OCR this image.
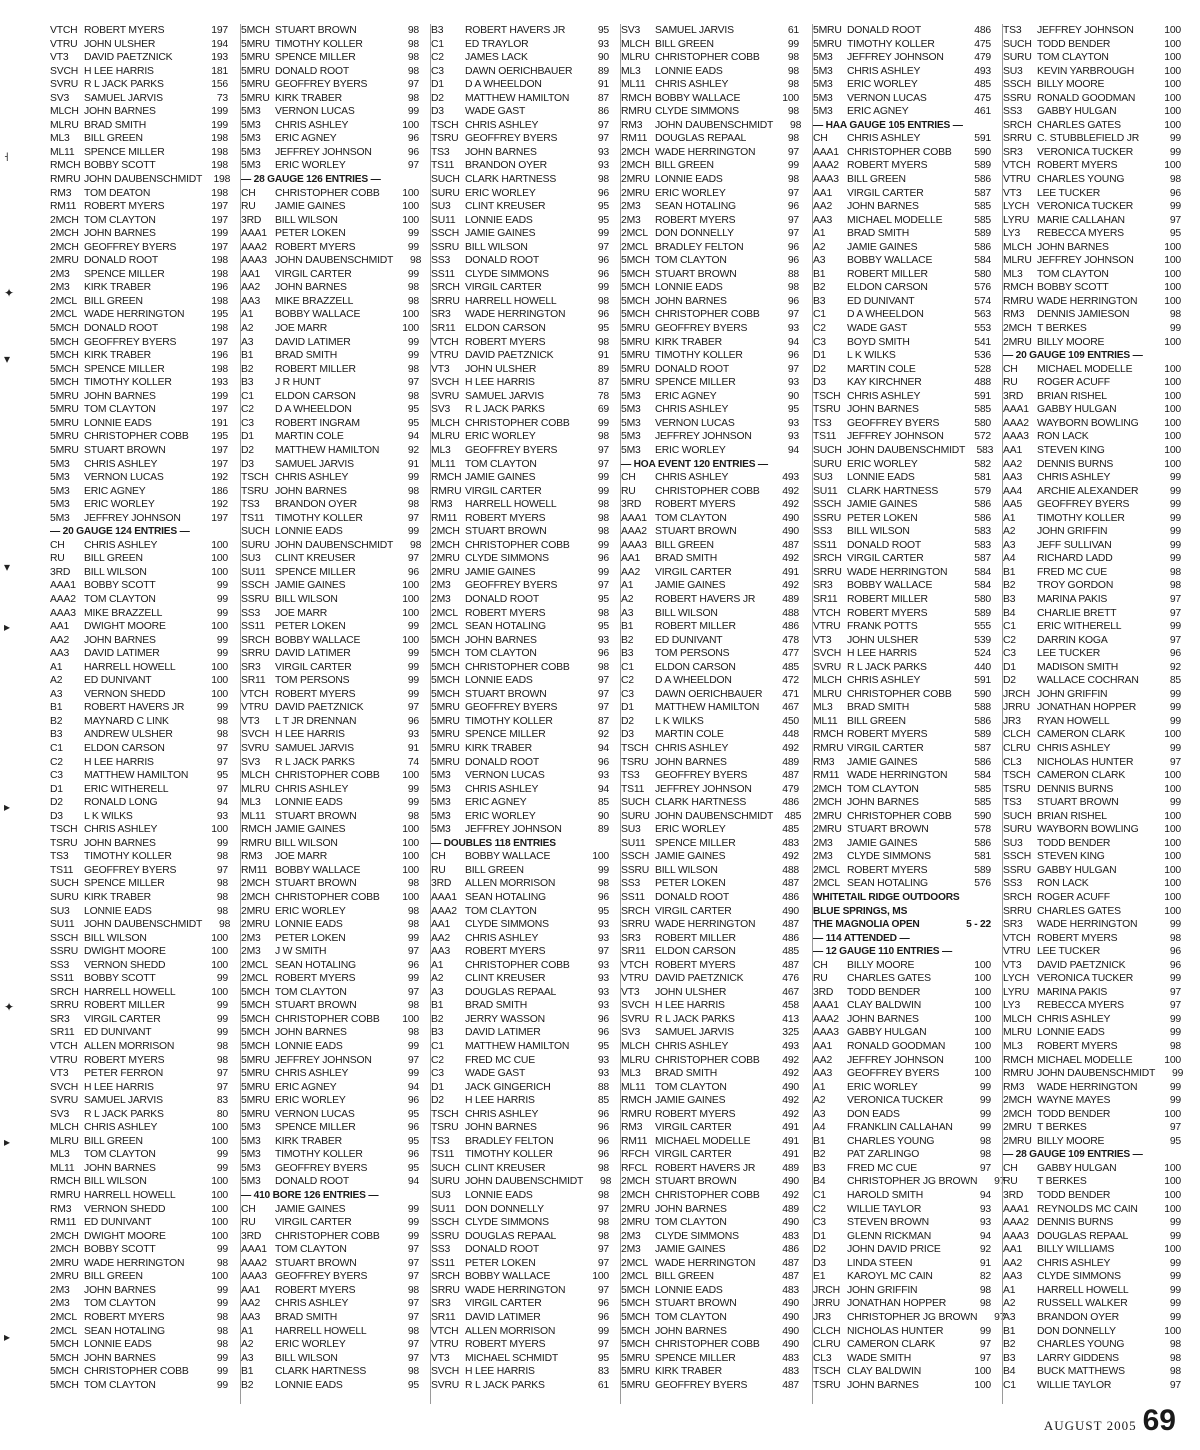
˧
✦
▾
▾
▸
▸
✦
▸
▸
VTCH ROBERT MYERS	197
VTRU JOHN ULSHER	194
VT3	DAVID PAETZNICK	193
SVCH H LEE HARRIS	181
SVRU R L JACK PARKS	156
SV3	SAMUEL JARVIS	73
MLCH JOHN BARNES	199
MLRU BRAD SMITH	199
ML3	BILL GREEN	198
ML11 SPENCE MILLER	198
RMCH BOBBY SCOTT	198
RMRU JOHN DAUBENSCHMIDT	198
RM3	TOM DEATON	198
RM11 ROBERT MYERS	197
2MCH TOM CLAYTON	197
2MCH JOHN BARNES	199
2MCH GEOFFREY BYERS	197
2MRU DONALD ROOT	198
2M3	SPENCE MILLER	198
2M3	KIRK TRABER	196
2MCL BILL GREEN	198
2MCL WADE HERRINGTON	195
5MCH DONALD ROOT	198
5MCH GEOFFREY BYERS	197
5MCH KIRK TRABER	196
5MCH SPENCE MILLER	198
5MCH TIMOTHY KOLLER	193
5MRU JOHN BARNES	199
5MRU TOM CLAYTON	197
5MRU LONNIE EADS	191
5MRU CHRISTOPHER COBB	195
5MRU STUART BROWN	197
5M3	CHRIS ASHLEY	197
5M3	VERNON LUCAS	192
5M3	ERIC AGNEY	186
5M3	ERIC WORLEY	192
5M3	JEFFREY JOHNSON	197
— 20 GAUGE 124 ENTRIES —
CH	CHRIS ASHLEY	100
RU	BILL GREEN	100
3RD	BILL WILSON	100
AAA1 BOBBY SCOTT	99
AAA2 TOM CLAYTON	99
AAA3 MIKE BRAZZELL	99
AA1	DWIGHT MOORE	100
AA2	JOHN BARNES	99
AA3	DAVID LATIMER	99
A1	HARRELL HOWELL	100
A2	ED DUNIVANT	100
A3	VERNON SHEDD	100
B1	ROBERT HAVERS JR	99
B2	MAYNARD C LINK	98
B3	ANDREW ULSHER	98
C1	ELDON CARSON	97
C2	H LEE HARRIS	97
C3	MATTHEW HAMILTON	95
D1	ERIC WITHERELL	97
D2	RONALD LONG	94
D3	L K WILKS	93
TSCH CHRIS ASHLEY	100
TSRU JOHN BARNES	99
TS3	TIMOTHY KOLLER	98
TS11	GEOFFREY BYERS	97
SUCH SPENCE MILLER	98
SURU KIRK TRABER	98
SU3	LONNIE EADS	98
SU11 JOHN DAUBENSCHMIDT	98
SSCH BILL WILSON	100
SSRU DWIGHT MOORE	100
SS3	VERNON SHEDD	100
SS11 BOBBY SCOTT	99
SRCH HARRELL HOWELL	100
SRRU ROBERT MILLER	99
SR3	VIRGIL CARTER	99
SR11 ED DUNIVANT	99
VTCH ALLEN MORRISON	98
VTRU ROBERT MYERS	98
VT3	PETER FERRON	97
SVCH H LEE HARRIS	97
SVRU SAMUEL JARVIS	83
SV3	R L JACK PARKS	80
MLCH CHRIS ASHLEY	100
MLRU BILL GREEN	100
ML3	TOM CLAYTON	99
ML11 JOHN BARNES	99
RMCH BILL WILSON	100
RMRU HARRELL HOWELL	100
RM3	VERNON SHEDD	100
RM11 ED DUNIVANT	100
2MCH DWIGHT MOORE	100
2MCH BOBBY SCOTT	99
2MRU WADE HERRINGTON	98
2MRU BILL GREEN	100
2M3	JOHN BARNES	99
2M3	TOM CLAYTON	99
2MCL ROBERT MYERS	98
2MCL SEAN HOTALING	98
5MCH LONNIE EADS	98
5MCH JOHN BARNES	99
5MCH CHRISTOPHER COBB	99
5MCH TOM CLAYTON	99
5MCH STUART BROWN	98
5MRU TIMOTHY KOLLER	98
5MRU SPENCE MILLER	98
5MRU DONALD ROOT	98
5MRU GEOFFREY BYERS	97
5MRU KIRK TRABER	98
5M3	VERNON LUCAS	99
5M3	CHRIS ASHLEY	100
5M3	ERIC AGNEY	96
5M3	JEFFREY JOHNSON	96
5M3	ERIC WORLEY	97
— 28 GAUGE 126 ENTRIES —
CH	CHRISTOPHER COBB	100
RU	JAMIE GAINES	100
3RD	BILL WILSON	100
AAA1 PETER LOKEN	99
AAA2 ROBERT MYERS	99
AAA3 JOHN DAUBENSCHMIDT	98
AA1	VIRGIL CARTER	99
AA2	JOHN BARNES	98
AA3	MIKE BRAZZELL	98
A1	BOBBY WALLACE	100
A2	JOE MARR	100
A3	DAVID LATIMER	99
B1	BRAD SMITH	99
B2	ROBERT MILLER	98
B3	J R HUNT	97
C1	ELDON CARSON	98
C2	D A WHEELDON	95
C3	ROBERT INGRAM	95
D1	MARTIN COLE	94
D2	MATTHEW HAMILTON	92
D3	SAMUEL JARVIS	91
TSCH CHRIS ASHLEY	99
TSRU JOHN BARNES	98
TS3	BRANDON OYER	98
TS11	TIMOTHY KOLLER	97
SUCH LONNIE EADS	99
SURU JOHN DAUBENSCHMIDT	98
SU3	CLINT KREUSER	97
SU11 SPENCE MILLER	96
SSCH JAMIE GAINES	100
SSRU BILL WILSON	100
SS3	JOE MARR	100
SS11 PETER LOKEN	99
SRCH BOBBY WALLACE	100
SRRU DAVID LATIMER	99
SR3	VIRGIL CARTER	99
SR11 TOM PERSONS	99
VTCH ROBERT MYERS	99
VTRU DAVID PAETZNICK	97
VT3	L T JR DRENNAN	96
SVCH H LEE HARRIS	93
SVRU SAMUEL JARVIS	91
SV3	R L JACK PARKS	74
MLCH CHRISTOPHER COBB	100
MLRU CHRIS ASHLEY	99
ML3	LONNIE EADS	99
ML11 STUART BROWN	98
RMCH JAMIE GAINES	100
RMRU BILL WILSON	100
RM3	JOE MARR	100
RM11 BOBBY WALLACE	100
2MCH STUART BROWN	98
2MCH CHRISTOPHER COBB	100
2MRU ERIC WORLEY	98
2MRU LONNIE EADS	98
2M3	PETER LOKEN	99
2M3	J W SMITH	97
2MCL SEAN HOTALING	96
2MCL ROBERT MYERS	99
5MCH TOM CLAYTON	97
5MCH STUART BROWN	98
5MCH CHRISTOPHER COBB	100
5MCH JOHN BARNES	98
5MCH LONNIE EADS	99
5MRU JEFFREY JOHNSON	97
5MRU CHRIS ASHLEY	99
5MRU ERIC AGNEY	94
5MRU ERIC WORLEY	96
5MRU VERNON LUCAS	95
5M3	SPENCE MILLER	96
5M3	KIRK TRABER	95
5M3	TIMOTHY KOLLER	96
5M3	GEOFFREY BYERS	95
5M3	DONALD ROOT	94
— 410 BORE 126 ENTRIES —
CH	JAMIE GAINES	99
RU	VIRGIL CARTER	99
3RD	CHRISTOPHER COBB	99
AAA1 TOM CLAYTON	97
AAA2 STUART BROWN	97
AAA3 GEOFFREY BYERS	97
AA1	ROBERT MYERS	98
AA2	CHRIS ASHLEY	97
AA3	BRAD SMITH	97
A1	HARRELL HOWELL	98
A2	ERIC WORLEY	97
A3	BILL WILSON	97
B1	CLARK HARTNESS	98
B2	LONNIE EADS	95
B3	ROBERT HAVERS JR	95
C1	ED TRAYLOR	93
C2	JAMES LACK	90
C3	DAWN OERICHBAUER	89
D1	D A WHEELDON	91
D2	MATTHEW HAMILTON	87
D3	WADE GAST	86
TSCH CHRIS ASHLEY	97
TSRU GEOFFREY BYERS	97
TS3	JOHN BARNES	93
TS11	BRANDON OYER	93
SUCH CLARK HARTNESS	98
SURU ERIC WORLEY	96
SU3	CLINT KREUSER	95
SU11 LONNIE EADS	95
SSCH JAMIE GAINES	99
SSRU BILL WILSON	97
SS3	DONALD ROOT	96
SS11 CLYDE SIMMONS	96
SRCH VIRGIL CARTER	99
SRRU HARRELL HOWELL	98
SR3	WADE HERRINGTON	96
SR11 ELDON CARSON	95
VTCH ROBERT MYERS	98
VTRU DAVID PAETZNICK	91
VT3	JOHN ULSHER	89
SVCH H LEE HARRIS	87
SVRU SAMUEL JARVIS	78
SV3	R L JACK PARKS	69
MLCH CHRISTOPHER COBB	99
MLRU ERIC WORLEY	98
ML3	GEOFFREY BYERS	97
ML11 TOM CLAYTON	97
RMCH JAMIE GAINES	99
RMRU VIRGIL CARTER	99
RM3	HARRELL HOWELL	98
RM11 ROBERT MYERS	98
2MCH STUART BROWN	98
2MCH CHRISTOPHER COBB	99
2MRU CLYDE SIMMONS	96
2MRU JAMIE GAINES	99
2M3	GEOFFREY BYERS	97
2M3	DONALD ROOT	95
2MCL ROBERT MYERS	98
2MCL SEAN HOTALING	95
5MCH JOHN BARNES	93
5MCH TOM CLAYTON	96
5MCH CHRISTOPHER COBB	98
5MCH LONNIE EADS	97
5MCH STUART BROWN	97
5MRU GEOFFREY BYERS	97
5MRU TIMOTHY KOLLER	87
5MRU SPENCE MILLER	92
5MRU KIRK TRABER	94
5MRU DONALD ROOT	96
5M3	VERNON LUCAS	93
5M3	CHRIS ASHLEY	94
5M3	ERIC AGNEY	85
5M3	ERIC WORLEY	90
5M3	JEFFREY JOHNSON	89
— DOUBLES 118 ENTRIES
CH	BOBBY WALLACE	100
RU	BILL GREEN	99
3RD	ALLEN MORRISON	98
AAA1 SEAN HOTALING	96
AAA2 TOM CLAYTON	95
AA1	CLYDE SIMMONS	93
AA2	CHRIS ASHLEY	93
AA3	ROBERT MYERS	97
A1	CHRISTOPHER COBB	93
A2	CLINT KREUSER	93
A3	DOUGLAS REPAAL	93
B1	BRAD SMITH	93
B2	JERRY WASSON	96
B3	DAVID LATIMER	96
C1	MATTHEW HAMILTON	95
C2	FRED MC CUE	93
C3	WADE GAST	93
D1	JACK GINGERICH	88
D2	H LEE HARRIS	85
TSCH CHRIS ASHLEY	96
TSRU JOHN BARNES	96
TS3	BRADLEY FELTON	96
TS11	TIMOTHY KOLLER	96
SUCH CLINT KREUSER	98
SURU JOHN DAUBENSCHMIDT	98
SU3	LONNIE EADS	98
SU11 DON DONNELLY	97
SSCH CLYDE SIMMONS	98
SSRU DOUGLAS REPAAL	98
SS3	DONALD ROOT	97
SS11 PETER LOKEN	97
SRCH BOBBY WALLACE	100
SRRU WADE HERRINGTON	97
SR3	VIRGIL CARTER	96
SR11 DAVID LATIMER	96
VTCH ALLEN MORRISON	99
VTRU ROBERT MYERS	97
VT3	MICHAEL SCHMIDT	95
SVCH H LEE HARRIS	83
SVRU R L JACK PARKS	61
SV3	SAMUEL JARVIS	61
MLCH BILL GREEN	99
MLRU CHRISTOPHER COBB	98
ML3	LONNIE EADS	98
ML11 CHRIS ASHLEY	98
RMCH BOBBY WALLACE	100
RMRU CLYDE SIMMONS	98
RM3	JOHN DAUBENSCHMIDT	98
RM11 DOUGLAS REPAAL	98
2MCH WADE HERRINGTON	97
2MCH BILL GREEN	99
2MRU LONNIE EADS	98
2MRU ERIC WORLEY	97
2M3	SEAN HOTALING	96
2M3	ROBERT MYERS	97
2MCL DON DONNELLY	97
2MCL BRADLEY FELTON	96
5MCH TOM CLAYTON	96
5MCH STUART BROWN	88
5MCH LONNIE EADS	98
5MCH JOHN BARNES	96
5MCH CHRISTOPHER COBB	97
5MRU GEOFFREY BYERS	93
5MRU KIRK TRABER	94
5MRU TIMOTHY KOLLER	96
5MRU DONALD ROOT	97
5MRU SPENCE MILLER	93
5M3	ERIC AGNEY	90
5M3	CHRIS ASHLEY	95
5M3	VERNON LUCAS	93
5M3	JEFFREY JOHNSON	93
5M3	ERIC WORLEY	94
— HOA EVENT 120 ENTRIES —
CH	CHRIS ASHLEY	493
RU	CHRISTOPHER COBB	492
3RD	ROBERT MYERS	492
AAA1 TOM CLAYTON	490
AAA2 STUART BROWN	490
AAA3 BILL GREEN	487
AA1	BRAD SMITH	492
AA2	VIRGIL CARTER	491
A1	JAMIE GAINES	492
A2	ROBERT HAVERS JR	489
A3	BILL WILSON	488
B1	ROBERT MILLER	486
B2	ED DUNIVANT	478
B3	TOM PERSONS	477
C1	ELDON CARSON	485
C2	D A WHEELDON	472
C3	DAWN OERICHBAUER	471
D1	MATTHEW HAMILTON	467
D2	L K WILKS	450
D3	MARTIN COLE	448
TSCH CHRIS ASHLEY	492
TSRU JOHN BARNES	489
TS3	GEOFFREY BYERS	487
TS11	JEFFREY JOHNSON	479
SUCH CLARK HARTNESS	486
SURU JOHN DAUBENSCHMIDT	485
SU3	ERIC WORLEY	485
SU11 SPENCE MILLER	483
SSCH JAMIE GAINES	492
SSRU BILL WILSON	488
SS3	PETER LOKEN	487
SS11 DONALD ROOT	486
SRCH VIRGIL CARTER	490
SRRU WADE HERRINGTON	487
SR3	ROBERT MILLER	486
SR11 ELDON CARSON	485
VTCH ROBERT MYERS	487
VTRU DAVID PAETZNICK	476
VT3	JOHN ULSHER	467
SVCH H LEE HARRIS	458
SVRU R L JACK PARKS	413
SV3	SAMUEL JARVIS	325
MLCH CHRIS ASHLEY	493
MLRU CHRISTOPHER COBB	492
ML3	BRAD SMITH	492
ML11 TOM CLAYTON	490
RMCH JAMIE GAINES	492
RMRU ROBERT MYERS	492
RM3	VIRGIL CARTER	491
RM11 MICHAEL MODELLE	491
RFCH VIRGIL CARTER	491
RFCL ROBERT HAVERS JR	489
2MCH STUART BROWN	490
2MCH CHRISTOPHER COBB	492
2MRU JOHN BARNES	489
2MRU TOM CLAYTON	490
2M3	CLYDE SIMMONS	483
2M3	JAMIE GAINES	486
2MCL WADE HERRINGTON	487
2MCL BILL GREEN	487
5MCH LONNIE EADS	483
5MCH STUART BROWN	490
5MCH TOM CLAYTON	490
5MCH JOHN BARNES	490
5MCH CHRISTOPHER COBB	490
5MRU SPENCE MILLER	483
5MRU KIRK TRABER	483
5MRU GEOFFREY BYERS	487
5MRU DONALD ROOT	486
5MRU TIMOTHY KOLLER	475
5M3	JEFFREY JOHNSON	479
5M3	CHRIS ASHLEY	493
5M3	ERIC WORLEY	485
5M3	VERNON LUCAS	475
5M3	ERIC AGNEY	461
— HAA GAUGE 105 ENTRIES —
CH	CHRIS ASHLEY	591
AAA1 CHRISTOPHER COBB	590
AAA2 ROBERT MYERS	589
AAA3 BILL GREEN	586
AA1	VIRGIL CARTER	587
AA2	JOHN BARNES	585
AA3	MICHAEL MODELLE	585
A1	BRAD SMITH	589
A2	JAMIE GAINES	586
A3	BOBBY WALLACE	584
B1	ROBERT MILLER	580
B2	ELDON CARSON	576
B3	ED DUNIVANT	574
C1	D A WHEELDON	563
C2	WADE GAST	553
C3	BOYD SMITH	541
D1	L K WILKS	536
D2	MARTIN COLE	528
D3	KAY KIRCHNER	488
TSCH CHRIS ASHLEY	591
TSRU JOHN BARNES	585
TS3	GEOFFREY BYERS	580
TS11	JEFFREY JOHNSON	572
SUCH JOHN DAUBENSCHMIDT	583
SURU ERIC WORLEY	582
SU3	LONNIE EADS	581
SU11 CLARK HARTNESS	579
SSCH JAMIE GAINES	586
SSRU PETER LOKEN	586
SS3	BILL WILSON	583
SS11 DONALD ROOT	583
SRCH VIRGIL CARTER	587
SRRU WADE HERRINGTON	584
SR3	BOBBY WALLACE	584
SR11 ROBERT MILLER	580
VTCH ROBERT MYERS	589
VTRU FRANK POTTS	555
VT3	JOHN ULSHER	539
SVCH H LEE HARRIS	524
SVRU R L JACK PARKS	440
MLCH CHRIS ASHLEY	591
MLRU CHRISTOPHER COBB	590
ML3	BRAD SMITH	588
ML11 BILL GREEN	586
RMCH ROBERT MYERS	589
RMRU VIRGIL CARTER	587
RM3	JAMIE GAINES	586
RM11 WADE HERRINGTON	584
2MCH TOM CLAYTON	585
2MCH JOHN BARNES	585
2MRU CHRISTOPHER COBB	590
2MRU STUART BROWN	578
2M3	JAMIE GAINES	586
2M3	CLYDE SIMMONS	581
2MCL ROBERT MYERS	589
2MCL SEAN HOTALING	576
WHITETAIL RIDGE OUTDOORS
BLUE SPRINGS, MS
THE MAGNOLIA OPEN	5 - 22
— 114 ATTENDED —
— 12 GAUGE 110 ENTRIES —
CH	BILLY MOORE	100
RU	CHARLES GATES	100
3RD	TODD BENDER	100
AAA1 CLAY BALDWIN	100
AAA2 JOHN BARNES	100
AAA3 GABBY HULGAN	100
AA1	RONALD GOODMAN	100
AA2	JEFFREY JOHNSON	100
AA3	GEOFFREY BYERS	100
A1	ERIC WORLEY	99
A2	VERONICA TUCKER	99
A3	DON EADS	99
A4	FRANKLIN CALLAHAN	99
B1	CHARLES YOUNG	98
B2	PAT ZARLINGO	98
B3	FRED MC CUE	97
B4	CHRISTOPHER JG BROWN	97
C1	HAROLD SMITH	94
C2	WILLIE TAYLOR	93
C3	STEVEN BROWN	93
D1	GLENN RICKMAN	94
D2	JOHN DAVID PRICE	92
D3	LINDA STEEN	91
E1	KAROYL MC CAIN	82
JRCH JOHN GRIFFIN	98
JRRU JONATHAN HOPPER	98
JR3	CHRISTOPHER JG BROWN	97
CLCH NICHOLAS HUNTER	99
CLRU CAMERON CLARK	97
CL3	WADE SMITH	97
TSCH CLAY BALDWIN	100
TSRU JOHN BARNES	100
TS3	JEFFREY JOHNSON	100
SUCH TODD BENDER	100
SURU TOM CLAYTON	100
SU3	KEVIN YARBROUGH	100
SSCH BILLY MOORE	100
SSRU RONALD GOODMAN	100
SS3	GABBY HULGAN	100
SRCH CHARLES GATES	100
SRRU C. STUBBLEFIELD JR	99
SR3	VERONICA TUCKER	99
VTCH ROBERT MYERS	100
VTRU CHARLES YOUNG	98
VT3	LEE TUCKER	96
LYCH VERONICA TUCKER	99
LYRU MARIE CALLAHAN	97
LY3	REBECCA MYERS	95
MLCH JOHN BARNES	100
MLRU JEFFREY JOHNSON	100
ML3	TOM CLAYTON	100
RMCH BOBBY SCOTT	100
RMRU WADE HERRINGTON	100
RM3	DENNIS JAMIESON	98
2MCH T BERKES	99
2MRU BILLY MOORE	100
— 20 GAUGE 109 ENTRIES —
CH	MICHAEL MODELLE	100
RU	ROGER ACUFF	100
3RD	BRIAN RISHEL	100
AAA1 GABBY HULGAN	100
AAA2 WAYBORN BOWLING	100
AAA3 RON LACK	100
AA1	STEVEN KING	100
AA2	DENNIS BURNS	100
AA3	CHRIS ASHLEY	99
AA4	ARCHIE ALEXANDER	99
AA5	GEOFFREY BYERS	99
A1	TIMOTHY KOLLER	99
A2	JOHN GRIFFIN	99
A3	JEFF SULLIVAN	99
A4	RICHARD LADD	99
B1	FRED MC CUE	98
B2	TROY GORDON	98
B3	MARINA PAKIS	97
B4	CHARLIE BRETT	97
C1	ERIC WITHERELL	99
C2	DARRIN KOGA	97
C3	LEE TUCKER	96
D1	MADISON SMITH	92
D2	WALLACE COCHRAN	85
JRCH JOHN GRIFFIN	99
JRRU JONATHAN HOPPER	99
JR3	RYAN HOWELL	99
CLCH CAMERON CLARK	100
CLRU CHRIS ASHLEY	99
CL3	NICHOLAS HUNTER	97
TSCH CAMERON CLARK	100
TSRU DENNIS BURNS	100
TS3	STUART BROWN	99
SUCH BRIAN RISHEL	100
SURU WAYBORN BOWLING	100
SU3	TODD BENDER	100
SSCH STEVEN KING	100
SSRU GABBY HULGAN	100
SS3	RON LACK	100
SRCH ROGER ACUFF	100
SRRU CHARLES GATES	100
SR3	WADE HERRINGTON	99
VTCH ROBERT MYERS	98
VTRU LEE TUCKER	96
VT3	DAVID PAETZNICK	96
LYCH VERONICA TUCKER	99
LYRU MARINA PAKIS	97
LY3	REBECCA MYERS	97
MLCH CHRIS ASHLEY	99
MLRU LONNIE EADS	99
ML3	ROBERT MYERS	98
RMCH MICHAEL MODELLE	100
RMRU JOHN DAUBENSCHMIDT	99
RM3	WADE HERRINGTON	99
2MCH WAYNE MAYES	99
2MCH TODD BENDER	100
2MRU T BERKES	97
2MRU BILLY MOORE	95
— 28 GAUGE 109 ENTRIES —
CH	GABBY HULGAN	100
RU	T BERKES	100
3RD	TODD BENDER	100
AAA1 REYNOLDS MC CAIN	100
AAA2 DENNIS BURNS	99
AAA3 DOUGLAS REPAAL	99
AA1	BILLY WILLIAMS	100
AA2	CHRIS ASHLEY	99
AA3	CLYDE SIMMONS	99
A1	HARRELL HOWELL	99
A2	RUSSELL WALKER	99
A3	BRANDON OYER	99
B1	DON DONNELLY	100
B2	CHARLES YOUNG	98
B3	LARRY GIDDENS	98
B4	BUCK MATTHEWS	98
C1	WILLIE TAYLOR	97
AUGUST 2005 69
